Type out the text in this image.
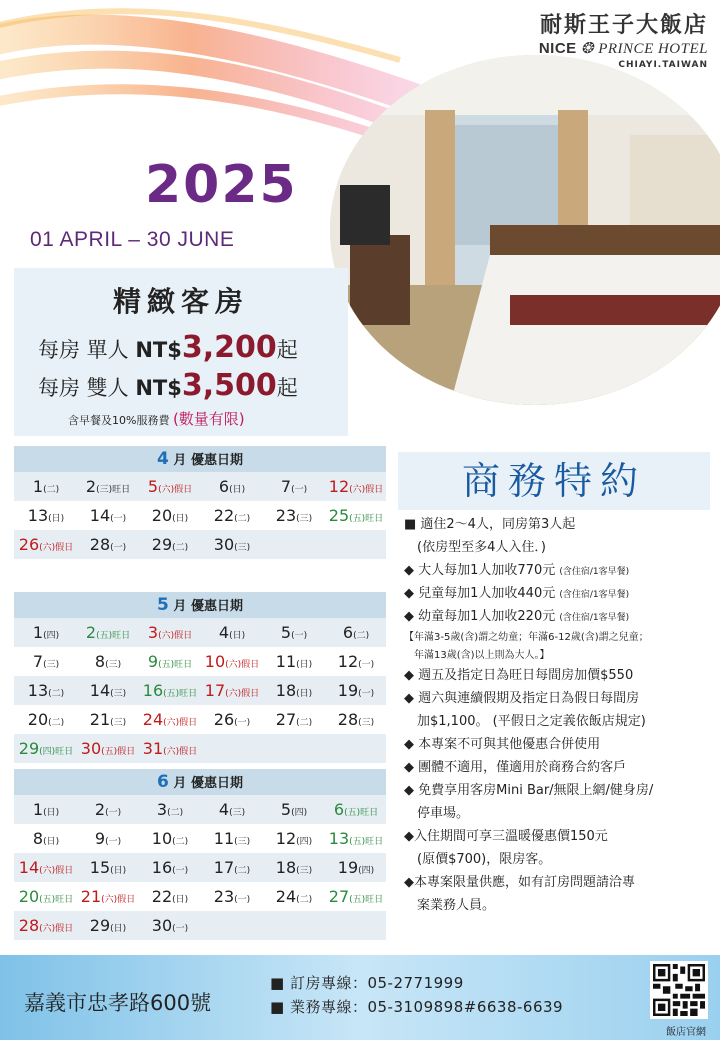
耐斯王子大飯店
NICE ❂ PRINCE HOTEL
CHIAYI.TAIWAN
2025
01 APRIL – 30 JUNE
精緻客房
每房 單人 NT$3,200起
每房 雙人 NT$3,500起
含早餐及10%服務費 (數量有限)
4 月 優惠日期
1(二)	2(三)旺日	5(六)假日	6(日)	7(一)	12(六)假日
13(日)	14(一)	20(日)	22(二)	23(三)	25(五)旺日
26(六)假日	28(一)	29(二)	30(三)
5 月 優惠日期
1(四)	2(五)旺日	3(六)假日	4(日)	5(一)	6(二)
7(三)	8(三)	9(五)旺日 10(六)假日	11(日)	12(一)
13(二)	14(三)	16(五)旺日 17(六)假日	18(日)	19(一)
20(二)	21(三)	24(六)假日	26(一)	27(二)	28(三)
29(四)旺日 30(五)假日 31(六)假日
6 月 優惠日期
1(日)	2(一)	3(二)	4(三)	5(四)	6(五)旺日
8(日)	9(一)	10(二)	11(三)	12(四)	13(五)旺日
14(六)假日	15(日)	16(一)	17(二)	18(三)	19(四)
20(五)旺日 21(六)假日	22(日)	23(一)	24(二)	27(五)旺日
28(六)假日	29(日)	30(一)
商務特約
■ 適住2～4人，同房第3人起
　(依房型至多4人入住．)
◆ 大人每加1人加收770元 (含住宿/1客早餐)
◆ 兒童每加1人加收440元 (含住宿/1客早餐)
◆ 幼童每加1人加收220元 (含住宿/1客早餐)
【年滿3-5歲(含)謂之幼童；年滿6-12歲(含)謂之兒童；
　年滿13歲(含)以上則為大人。】
◆ 週五及指定日為旺日每間房加價$550
◆ 週六與連續假期及指定日為假日每間房
　加$1,100。 (平假日之定義依飯店規定)
◆ 本專案不可與其他優惠合併使用
◆ 團體不適用，僅適用於商務合約客戶
◆ 免費享用客房Mini Bar/無限上網/健身房/
　停車場。
◆入住期間可享三溫暖優惠價150元
　(原價$700)，限房客。
◆本專案限量供應，如有訂房問題請洽專
　案業務人員。
嘉義市忠孝路600號
■ 訂房專線：05-2771999
■ 業務專線：05-3109898#6638-6639
飯店官網
